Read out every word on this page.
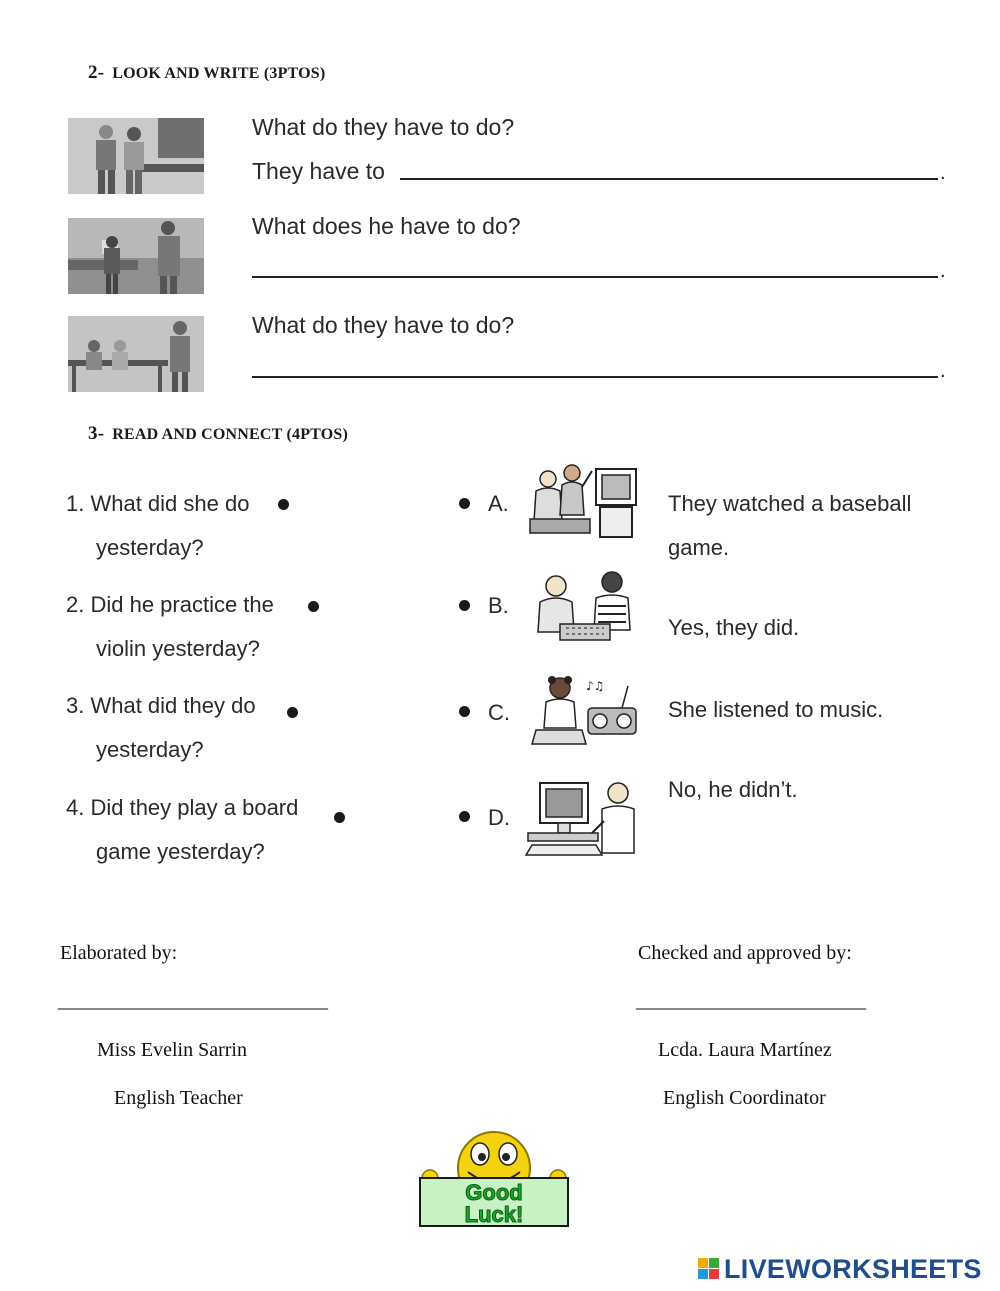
2- LOOK AND WRITE (3PTOS)
What do they have to do?
They have to	.
What does he have to do?
.
What do they have to do?
.
3- READ AND CONNECT (4PTOS)
1. What did she do
yesterday?
2. Did he practice the
violin yesterday?
3. What did they do
yesterday?
4. Did they play a board
game yesterday?
A.	They watched a baseball
game.
B.
Yes, they did.
C.
♪♫
She listened to music.
D.
No, he didn’t.
Elaborated by:
___________________________
Miss Evelin Sarrin
English Teacher
Checked and approved by:
_______________________
Lcda. Laura Martínez
English Coordinator
Good Luck!
LIVEWORKSHEETS
